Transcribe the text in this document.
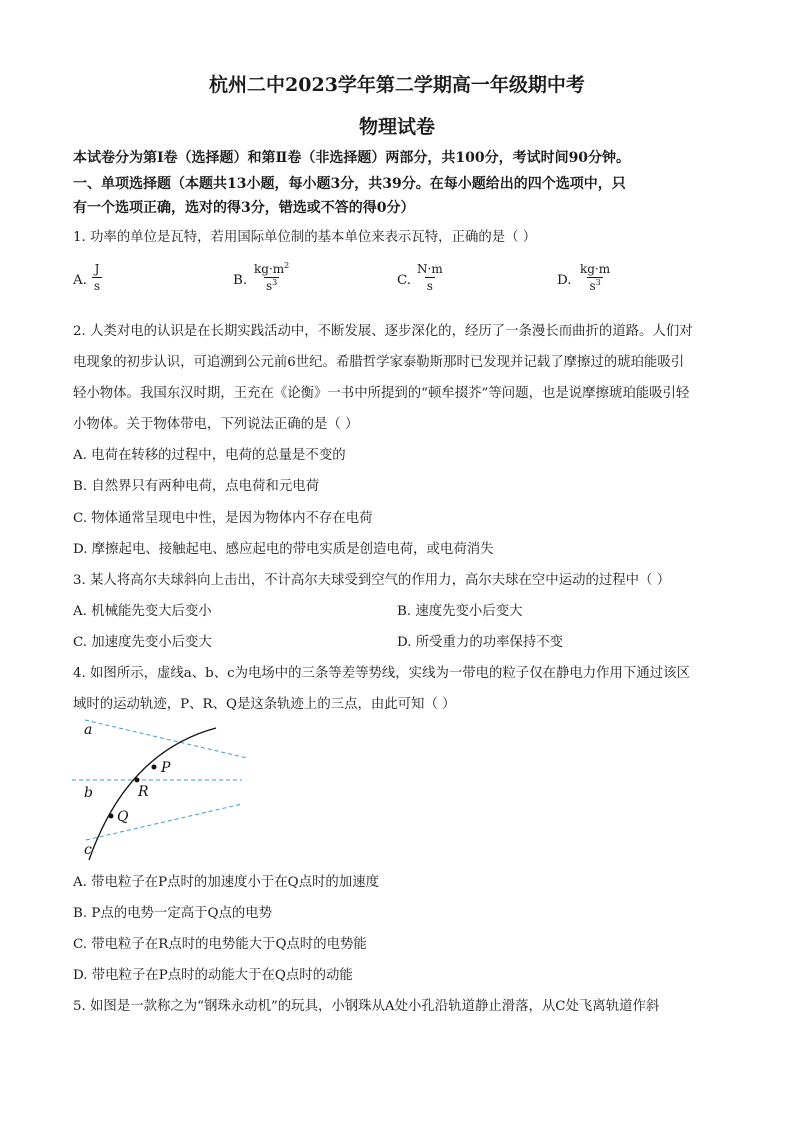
杭州二中2023学年第二学期高一年级期中考
物理试卷
本试卷分为第Ⅰ卷（选择题）和第Ⅱ卷（非选择题）两部分，共100分，考试时间90分钟。
一、单项选择题（本题共13小题，每小题3分，共39分。在每小题给出的四个选项中，只
有一个选项正确，选对的得3分，错选或不答的得0分）
1. 功率的单位是瓦特，若用国际单位制的基本单位来表示瓦特，正确的是（ ）
A. $\frac{J}{s}$	B. $\frac{kg\cdot m^2}{s^3}$	C. $\frac{N\cdot m}{s}$	D. $\frac{kg\cdot m}{s^3}$
2. 人类对电的认识是在长期实践活动中，不断发展、逐步深化的，经历了一条漫长而曲折的道路。人们对
电现象的初步认识，可追溯到公元前6世纪。希腊哲学家泰勒斯那时已发现并记载了摩擦过的琥珀能吸引
轻小物体。我国东汉时期，王充在《论衡》一书中所提到的“顿牟掇芥”等问题，也是说摩擦琥珀能吸引轻
小物体。关于物体带电，下列说法正确的是（ ）
A. 电荷在转移的过程中，电荷的总量是不变的
B. 自然界只有两种电荷，点电荷和元电荷
C. 物体通常呈现电中性，是因为物体内不存在电荷
D. 摩擦起电、接触起电、感应起电的带电实质是创造电荷，或电荷消失
3. 某人将高尔夫球斜向上击出，不计高尔夫球受到空气的作用力，高尔夫球在空中运动的过程中（ ）
A. 机械能先变大后变小	B. 速度先变小后变大
C. 加速度先变小后变大	D. 所受重力的功率保持不变
4. 如图所示，虚线a、b、c为电场中的三条等差等势线，实线为一带电的粒子仅在静电力作用下通过该区
域时的运动轨迹，P、R、Q是这条轨迹上的三点，由此可知（ ）
a
b
c
P
R
Q
A. 带电粒子在P点时的加速度小于在Q点时的加速度
B. P点的电势一定高于Q点的电势
C. 带电粒子在R点时的电势能大于Q点时的电势能
D. 带电粒子在P点时的动能大于在Q点时的动能
5. 如图是一款称之为“钢珠永动机”的玩具，小钢珠从A处小孔沿轨道静止滑落，从C处飞离轨道作斜
